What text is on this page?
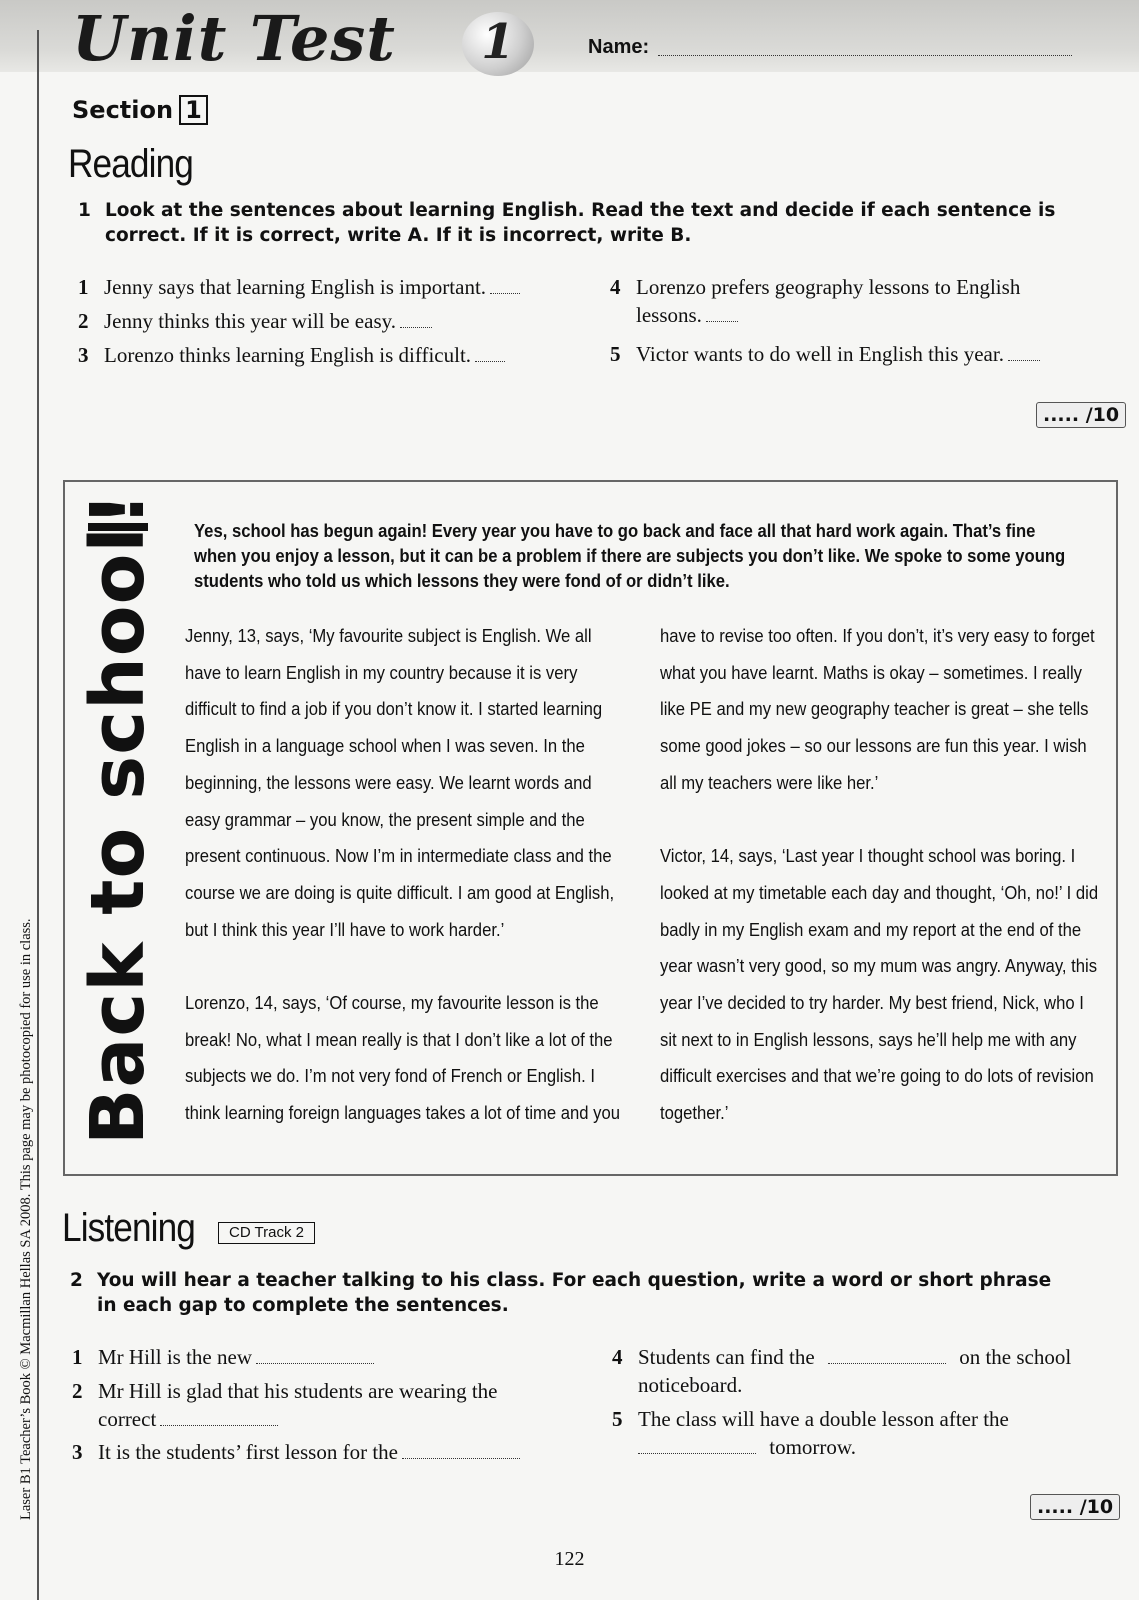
Unit Test	1	Name:
Laser B1 Teacher’s Book © Macmillan Hellas SA 2008. This page may be photocopied for use in class.
Section 1
Reading
1 Look at the sentences about learning English. Read the text and decide if each sentence is correct. If it is correct, write A. If it is incorrect, write B.
1 Jenny says that learning English is important.
2 Jenny thinks this year will be easy.
3 Lorenzo thinks learning English is difficult.
4 Lorenzo prefers geography lessons to English lessons.
5 Victor wants to do well in English this year.
..... /10
Back to school! Yes, school has begun again! Every year you have to go back and face all that hard work again. That’s fine when you enjoy a lesson, but it can be a problem if there are subjects you don’t like. We spoke to some young students who told us which lessons they were fond of or didn’t like.

Jenny, 13, says, ‘My favourite subject is English. We all have to learn English in my country because it is very difficult to find a job if you don’t know it. I started learning English in a language school when I was seven. In the beginning, the lessons were easy. We learnt words and easy grammar – you know, the present simple and the present continuous. Now I’m in intermediate class and the course we are doing is quite difficult. I am good at English, but I think this year I’ll have to work harder.’

Lorenzo, 14, says, ‘Of course, my favourite lesson is the break! No, what I mean really is that I don’t like a lot of the subjects we do. I’m not very fond of French or English. I think learning foreign languages takes a lot of time and you

have to revise too often. If you don’t, it’s very easy to forget what you have learnt. Maths is okay – sometimes. I really like PE and my new geography teacher is great – she tells some good jokes – so our lessons are fun this year. I wish all my teachers were like her.’

Victor, 14, says, ‘Last year I thought school was boring. I looked at my timetable each day and thought, ‘Oh, no!’ I did badly in my English exam and my report at the end of the year wasn’t very good, so my mum was angry. Anyway, this year I’ve decided to try harder. My best friend, Nick, who I sit next to in English lessons, says he’ll help me with any difficult exercises and that we’re going to do lots of revision together.’

Listening	CD Track 2
2 You will hear a teacher talking to his class. For each question, write a word or short phrase in each gap to complete the sentences.
1 Mr Hill is the new
2 Mr Hill is glad that his students are wearing the correct
3 It is the students’ first lesson for the
4 Students can find the	on the school noticeboard.
5 The class will have a double lesson after the
tomorrow.
..... /10
122
